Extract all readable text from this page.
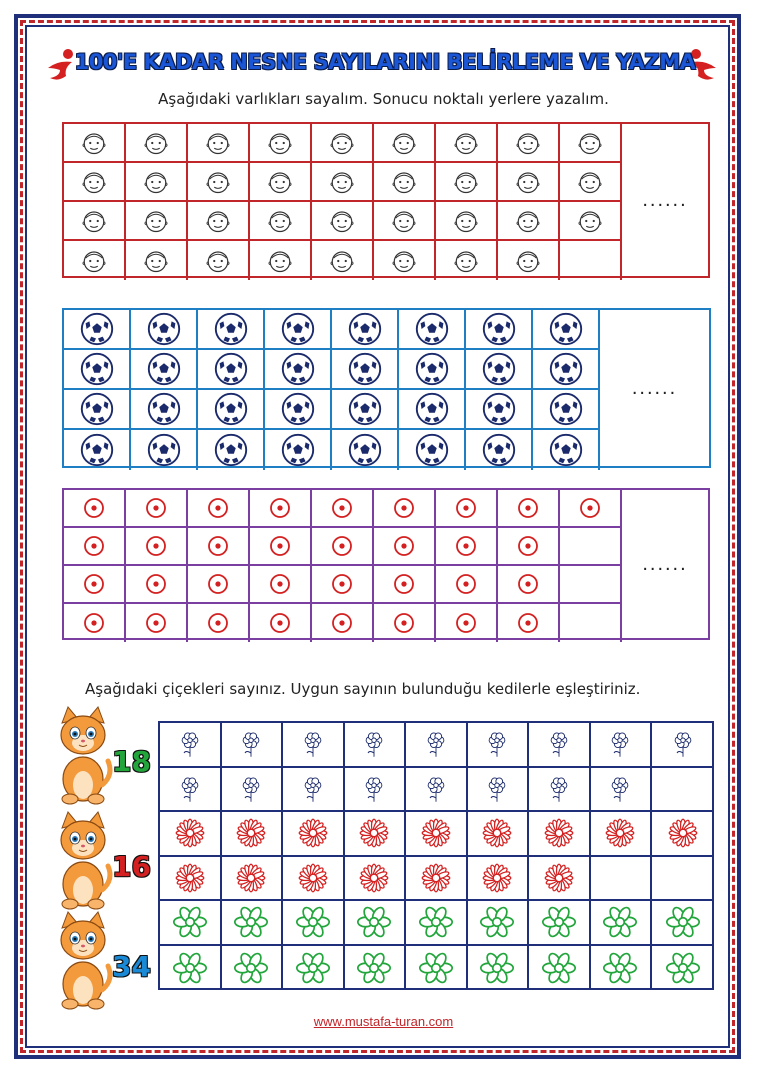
100'E KADAR NESNE SAYILARINI BELİRLEME VE YAZMA
Aşağıdaki varlıkları sayalım. Sonucu noktalı yerlere yazalım.
......
......
......
Aşağıdaki çiçekleri sayınız. Uygun sayının bulunduğu kedilerle eşleştiriniz.
18
16
34
www.mustafa-turan.com
